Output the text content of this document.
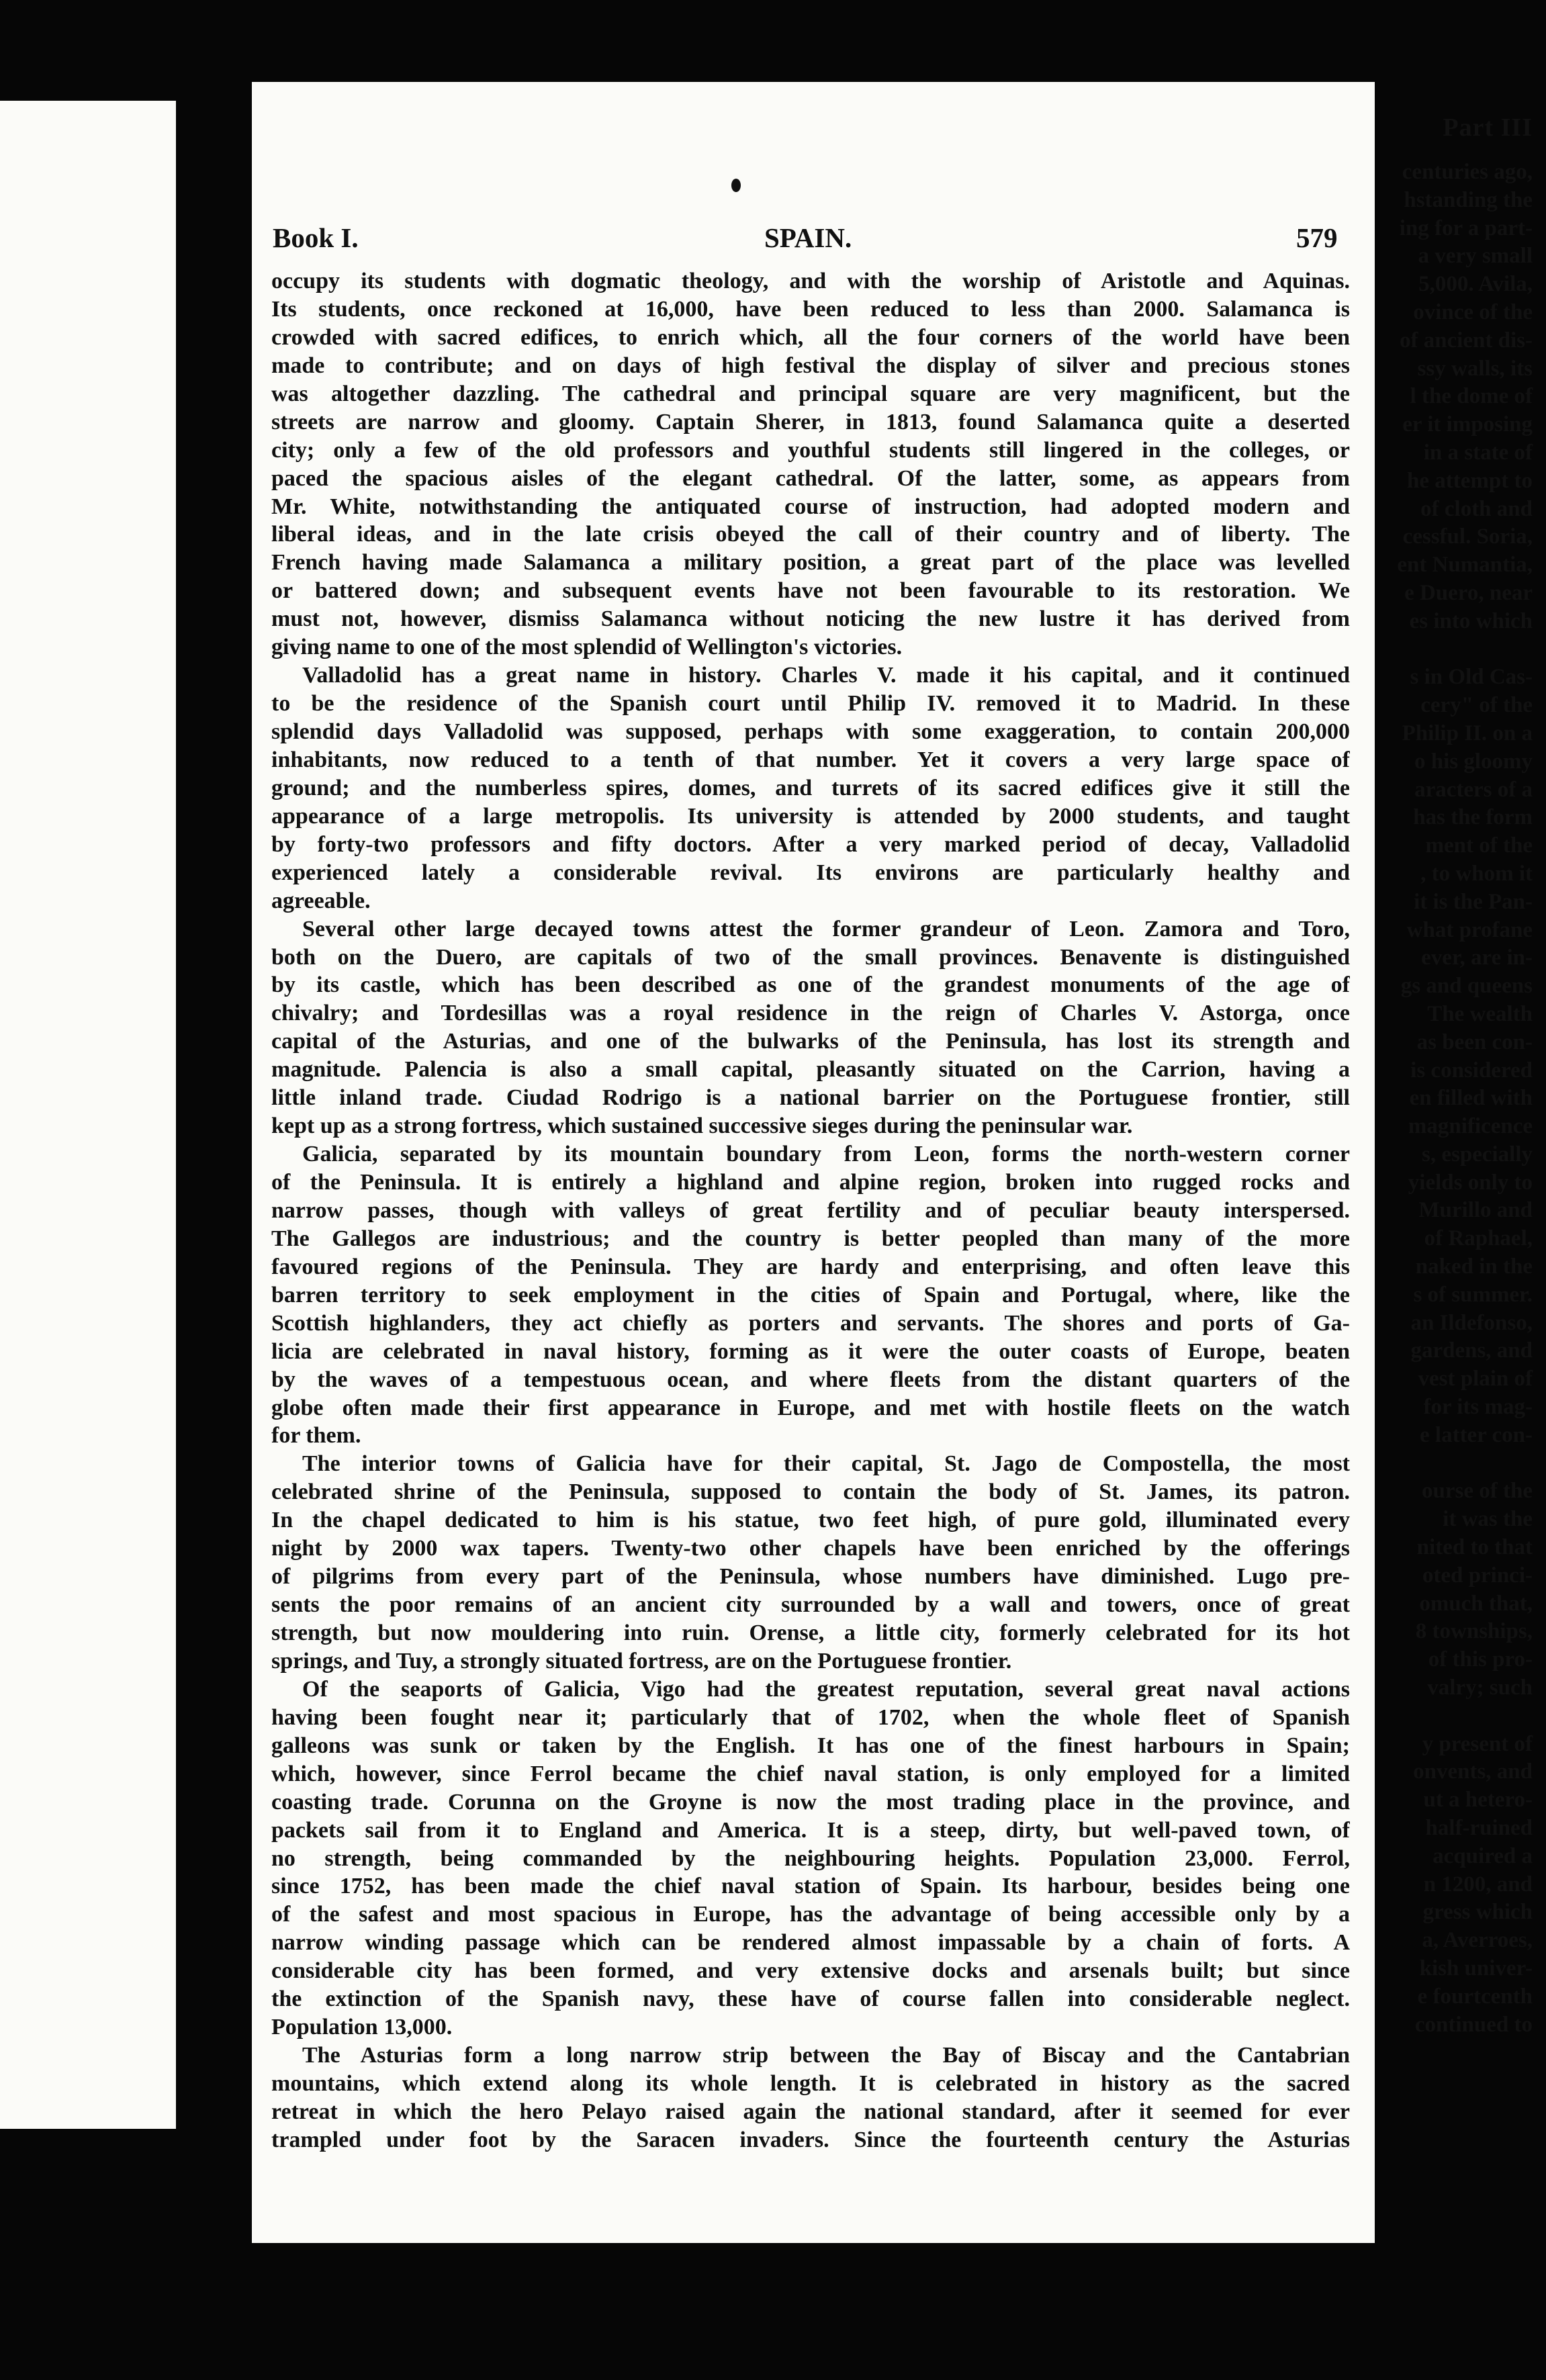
Part III
centuries ago,
hstanding the
ing for a part-
a very small
5,000. Avila,
ovince of the
of ancient dis-
ssy walls, its
l the dome of
er it imposing
in a state of
he attempt to
of cloth and
cessful. Soria,
ent Numantia,
e Duero, near
es into which
s in Old Cas-
cery" of the
Philip II. on a
o his gloomy
aracters of a
has the form
ment of the
, to whom it
it is the Pan-
what profane
ever, are in-
gs and queens
The wealth
as been con-
is considered
en filled with
magnificence
s, especially
yields only to
Murillo and
of Raphael,
naked in the
s of summer.
an Ildefonso,
gardens, and
vest plain of
for its mag-
e latter con-
ourse of the
it was the
nited to that
oted princi-
omuch that,
8 townships,
of this pro-
valry; such
y present of
onvents, and
ut a hetero-
half-ruined
acquired a
n 1200, and
gress which
a, Averroes,
kish univer-
e fourtcenth
continued to
Book I.	SPAIN.	579
occupy its students with dogmatic theology, and with the worship of Aristotle and Aquinas.
Its students, once reckoned at 16,000, have been reduced to less than 2000. Salamanca is
crowded with sacred edifices, to enrich which, all the four corners of the world have been
made to contribute; and on days of high festival the display of silver and precious stones
was altogether dazzling. The cathedral and principal square are very magnificent, but the
streets are narrow and gloomy. Captain Sherer, in 1813, found Salamanca quite a deserted
city; only a few of the old professors and youthful students still lingered in the colleges, or
paced the spacious aisles of the elegant cathedral. Of the latter, some, as appears from
Mr. White, notwithstanding the antiquated course of instruction, had adopted modern and
liberal ideas, and in the late crisis obeyed the call of their country and of liberty. The
French having made Salamanca a military position, a great part of the place was levelled
or battered down; and subsequent events have not been favourable to its restoration. We
must not, however, dismiss Salamanca without noticing the new lustre it has derived from
giving name to one of the most splendid of Wellington's victories.
Valladolid has a great name in history. Charles V. made it his capital, and it continued
to be the residence of the Spanish court until Philip IV. removed it to Madrid. In these
splendid days Valladolid was supposed, perhaps with some exaggeration, to contain 200,000
inhabitants, now reduced to a tenth of that number. Yet it covers a very large space of
ground; and the numberless spires, domes, and turrets of its sacred edifices give it still the
appearance of a large metropolis. Its university is attended by 2000 students, and taught
by forty-two professors and fifty doctors. After a very marked period of decay, Valladolid
experienced lately a considerable revival. Its environs are particularly healthy and
agreeable.
Several other large decayed towns attest the former grandeur of Leon. Zamora and Toro,
both on the Duero, are capitals of two of the small provinces. Benavente is distinguished
by its castle, which has been described as one of the grandest monuments of the age of
chivalry; and Tordesillas was a royal residence in the reign of Charles V. Astorga, once
capital of the Asturias, and one of the bulwarks of the Peninsula, has lost its strength and
magnitude. Palencia is also a small capital, pleasantly situated on the Carrion, having a
little inland trade. Ciudad Rodrigo is a national barrier on the Portuguese frontier, still
kept up as a strong fortress, which sustained successive sieges during the peninsular war.
Galicia, separated by its mountain boundary from Leon, forms the north-western corner
of the Peninsula. It is entirely a highland and alpine region, broken into rugged rocks and
narrow passes, though with valleys of great fertility and of peculiar beauty interspersed.
The Gallegos are industrious; and the country is better peopled than many of the more
favoured regions of the Peninsula. They are hardy and enterprising, and often leave this
barren territory to seek employment in the cities of Spain and Portugal, where, like the
Scottish highlanders, they act chiefly as porters and servants. The shores and ports of Ga-
licia are celebrated in naval history, forming as it were the outer coasts of Europe, beaten
by the waves of a tempestuous ocean, and where fleets from the distant quarters of the
globe often made their first appearance in Europe, and met with hostile fleets on the watch
for them.
The interior towns of Galicia have for their capital, St. Jago de Compostella, the most
celebrated shrine of the Peninsula, supposed to contain the body of St. James, its patron.
In the chapel dedicated to him is his statue, two feet high, of pure gold, illuminated every
night by 2000 wax tapers. Twenty-two other chapels have been enriched by the offerings
of pilgrims from every part of the Peninsula, whose numbers have diminished. Lugo pre-
sents the poor remains of an ancient city surrounded by a wall and towers, once of great
strength, but now mouldering into ruin. Orense, a little city, formerly celebrated for its hot
springs, and Tuy, a strongly situated fortress, are on the Portuguese frontier.
Of the seaports of Galicia, Vigo had the greatest reputation, several great naval actions
having been fought near it; particularly that of 1702, when the whole fleet of Spanish
galleons was sunk or taken by the English. It has one of the finest harbours in Spain;
which, however, since Ferrol became the chief naval station, is only employed for a limited
coasting trade. Corunna on the Groyne is now the most trading place in the province, and
packets sail from it to England and America. It is a steep, dirty, but well-paved town, of
no strength, being commanded by the neighbouring heights. Population 23,000. Ferrol,
since 1752, has been made the chief naval station of Spain. Its harbour, besides being one
of the safest and most spacious in Europe, has the advantage of being accessible only by a
narrow winding passage which can be rendered almost impassable by a chain of forts. A
considerable city has been formed, and very extensive docks and arsenals built; but since
the extinction of the Spanish navy, these have of course fallen into considerable neglect.
Population 13,000.
The Asturias form a long narrow strip between the Bay of Biscay and the Cantabrian
mountains, which extend along its whole length. It is celebrated in history as the sacred
retreat in which the hero Pelayo raised again the national standard, after it seemed for ever
trampled under foot by the Saracen invaders. Since the fourteenth century the Asturias
